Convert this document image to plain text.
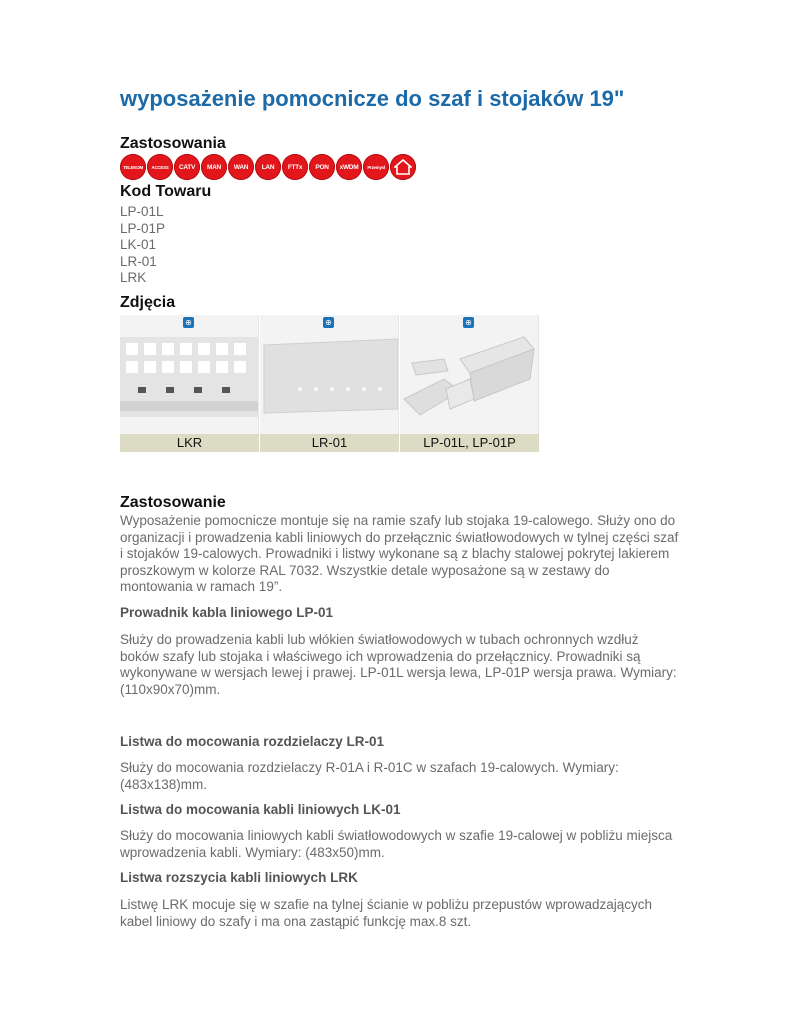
wyposażenie pomocnicze do szaf i stojaków 19"
Zastosowania
TELEKOM	ACCESS	CATV	MAN	WAN	LAN	FTTx	PON	xWDM	Przemysł
Kod Towaru
LP-01L
LP-01P
LK-01
LR-01
LRK
Zdjęcia
⊕
LKR
⊕
LR-01
⊕
LP-01L, LP-01P
Zastosowanie

Wyposażenie pomocnicze montuje się na ramie szafy lub stojaka 19-calowego. Służy ono do organizacji i prowadzenia kabli liniowych do przełącznic światłowodowych w tylnej części szaf i stojaków 19-calowych. Prowadniki i listwy wykonane są z blachy stalowej pokrytej lakierem proszkowym w kolorze RAL 7032. Wszystkie detale wyposażone są w zestawy do montowania w ramach 19”.

Prowadnik kabla liniowego LP-01

Służy do prowadzenia kabli lub włókien światłowodowych w tubach ochronnych wzdłuż boków szafy lub stojaka i właściwego ich wprowadzenia do przełącznicy. Prowadniki są wykonywane w wersjach lewej i prawej. LP-01L wersja lewa, LP-01P wersja prawa. Wymiary: (110x90x70)mm.

Listwa do mocowania rozdzielaczy LR-01

Służy do mocowania rozdzielaczy R-01A i R-01C w szafach 19-calowych. Wymiary: (483x138)mm.

Listwa do mocowania kabli liniowych LK-01

Służy do mocowania liniowych kabli światłowodowych w szafie 19-calowej w pobliżu miejsca wprowadzenia kabli. Wymiary: (483x50)mm.

Listwa rozszycia kabli liniowych LRK

Listwę LRK mocuje się w szafie na tylnej ścianie w pobliżu przepustów wprowadzających kabel liniowy do szafy i ma ona zastąpić funkcję max.8 szt.
